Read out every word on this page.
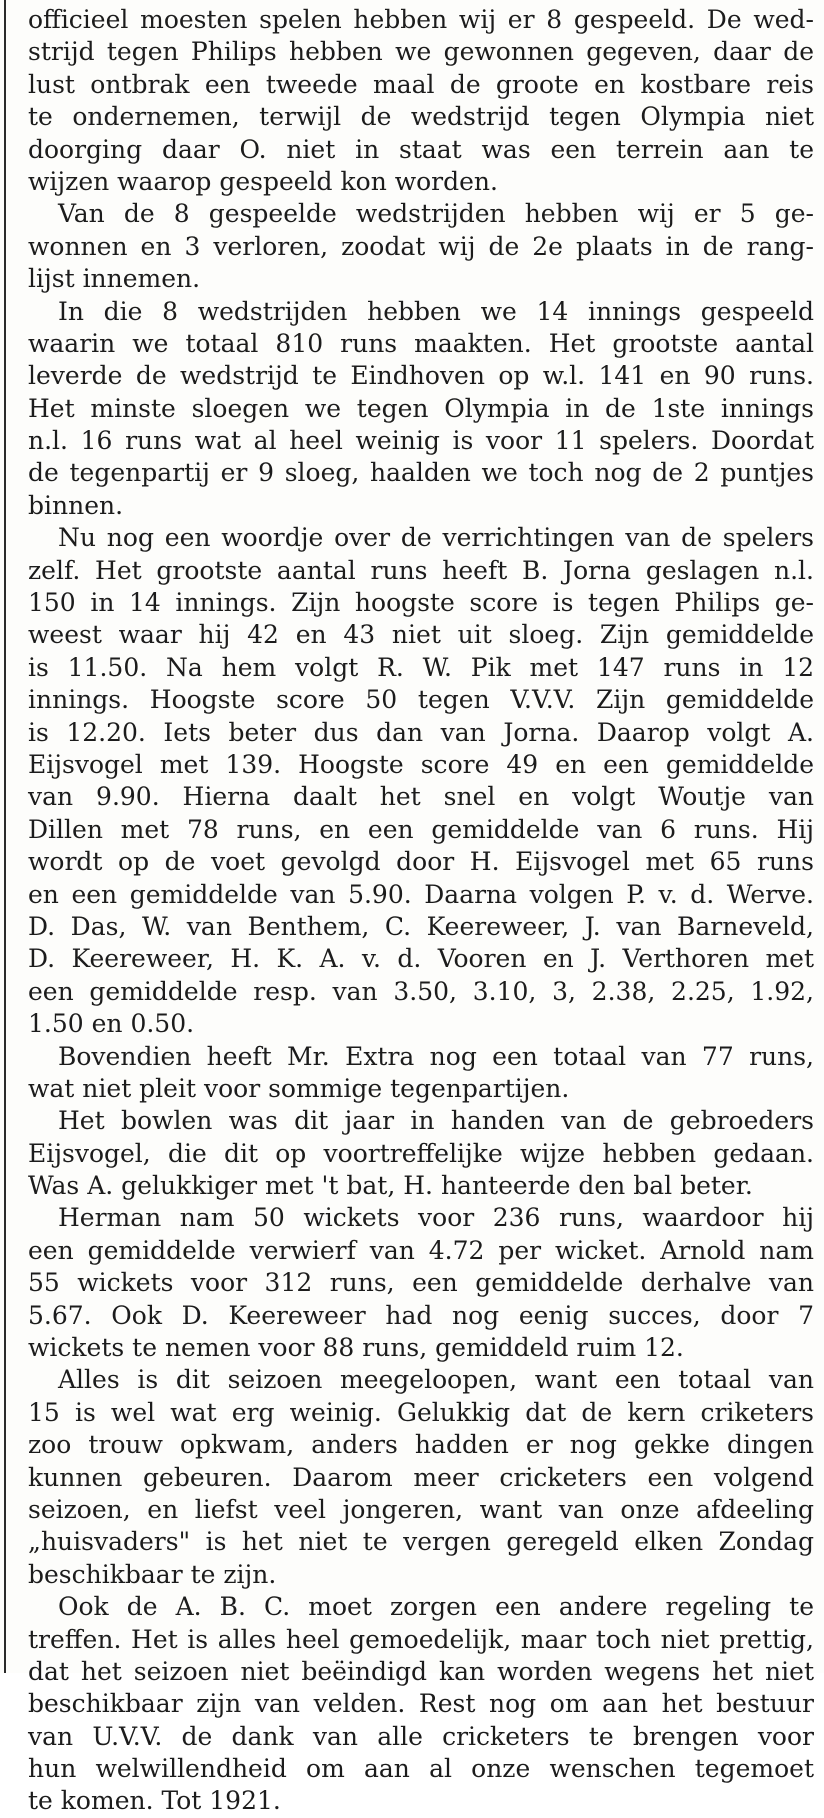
officieel moesten spelen hebben wij er 8 gespeeld. De wed-
strijd tegen Philips hebben we gewonnen gegeven, daar de
lust ontbrak een tweede maal de groote en kostbare reis
te ondernemen, terwijl de wedstrijd tegen Olympia niet
doorging daar O. niet in staat was een terrein aan te
wijzen waarop gespeeld kon worden.
Van de 8 gespeelde wedstrijden hebben wij er 5 ge-
wonnen en 3 verloren, zoodat wij de 2e plaats in de rang-
lijst innemen.
In die 8 wedstrijden hebben we 14 innings gespeeld
waarin we totaal 810 runs maakten. Het grootste aantal
leverde de wedstrijd te Eindhoven op w.l. 141 en 90 runs.
Het minste sloegen we tegen Olympia in de 1ste innings
n.l. 16 runs wat al heel weinig is voor 11 spelers. Doordat
de tegenpartij er 9 sloeg, haalden we toch nog de 2 puntjes
binnen.
Nu nog een woordje over de verrichtingen van de spelers
zelf. Het grootste aantal runs heeft B. Jorna geslagen n.l.
150 in 14 innings. Zijn hoogste score is tegen Philips ge-
weest waar hij 42 en 43 niet uit sloeg. Zijn gemiddelde
is 11.50. Na hem volgt R. W. Pik met 147 runs in 12
innings. Hoogste score 50 tegen V.V.V. Zijn gemiddelde
is 12.20. Iets beter dus dan van Jorna. Daarop volgt A.
Eijsvogel met 139. Hoogste score 49 en een gemiddelde
van 9.90. Hierna daalt het snel en volgt Woutje van
Dillen met 78 runs, en een gemiddelde van 6 runs. Hij
wordt op de voet gevolgd door H. Eijsvogel met 65 runs
en een gemiddelde van 5.90. Daarna volgen P. v. d. Werve.
D. Das, W. van Benthem, C. Keereweer, J. van Barneveld,
D. Keereweer, H. K. A. v. d. Vooren en J. Verthoren met
een gemiddelde resp. van 3.50, 3.10, 3, 2.38, 2.25, 1.92,
1.50 en 0.50.
Bovendien heeft Mr. Extra nog een totaal van 77 runs,
wat niet pleit voor sommige tegenpartijen.
Het bowlen was dit jaar in handen van de gebroeders
Eijsvogel, die dit op voortreffelijke wijze hebben gedaan.
Was A. gelukkiger met 't bat, H. hanteerde den bal beter.
Herman nam 50 wickets voor 236 runs, waardoor hij
een gemiddelde verwierf van 4.72 per wicket. Arnold nam
55 wickets voor 312 runs, een gemiddelde derhalve van
5.67. Ook D. Keereweer had nog eenig succes, door 7
wickets te nemen voor 88 runs, gemiddeld ruim 12.
Alles is dit seizoen meegeloopen, want een totaal van
15 is wel wat erg weinig. Gelukkig dat de kern criketers
zoo trouw opkwam, anders hadden er nog gekke dingen
kunnen gebeuren. Daarom meer cricketers een volgend
seizoen, en liefst veel jongeren, want van onze afdeeling
„huisvaders" is het niet te vergen geregeld elken Zondag
beschikbaar te zijn.
Ook de A. B. C. moet zorgen een andere regeling te
treffen. Het is alles heel gemoedelijk, maar toch niet prettig,
dat het seizoen niet beëindigd kan worden wegens het niet
beschikbaar zijn van velden. Rest nog om aan het bestuur
van U.V.V. de dank van alle cricketers te brengen voor
hun welwillendheid om aan al onze wenschen tegemoet
te komen. Tot 1921.
